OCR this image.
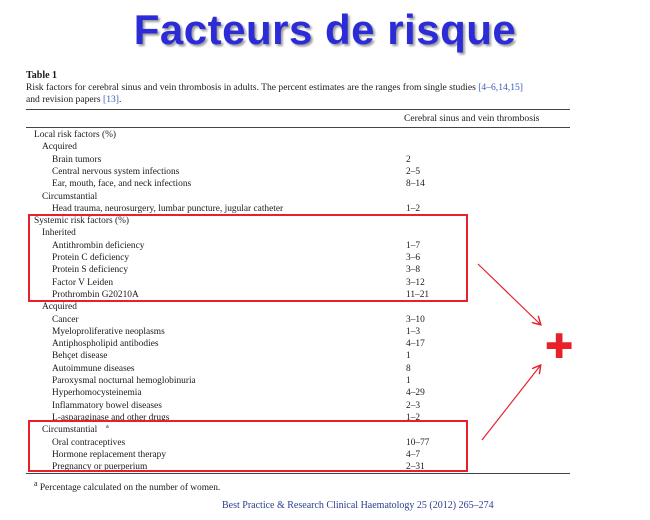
Facteurs de risque
Table 1
Risk factors for cerebral sinus and vein thrombosis in adults. The percent estimates are the ranges from single studies [4–6,14,15]
and revision papers [13].
Cerebral sinus and vein thrombosis
Local risk factors (%)
Acquired
Brain tumors	2
Central nervous system infections	2–5
Ear, mouth, face, and neck infections	8–14
Circumstantial
Head trauma, neurosurgery, lumbar puncture, jugular catheter	1–2
Systemic risk factors (%)
Inherited
Antithrombin deficiency	1–7
Protein C deficiency	3–6
Protein S deficiency	3–8
Factor V Leiden	3–12
Prothrombin G20210A	11–21
Acquired
Cancer	3–10
Myeloproliferative neoplasms	1–3
Antiphospholipid antibodies	4–17
Behçet disease	1
Autoimmune diseases	8
Paroxysmal nocturnal hemoglobinuria	1
Hyperhomocysteinemia	4–29
Inflammatory bowel diseases	2–3
L-asparaginase and other drugs	1–2
Circumstantial a
Oral contraceptives	10–77
Hormone replacement therapy	4–7
Pregnancy or puerperium	2–31
$^a$ Percentage calculated on the number of women.
✚
Best Practice & Research Clinical Haematology 25 (2012) 265–274
